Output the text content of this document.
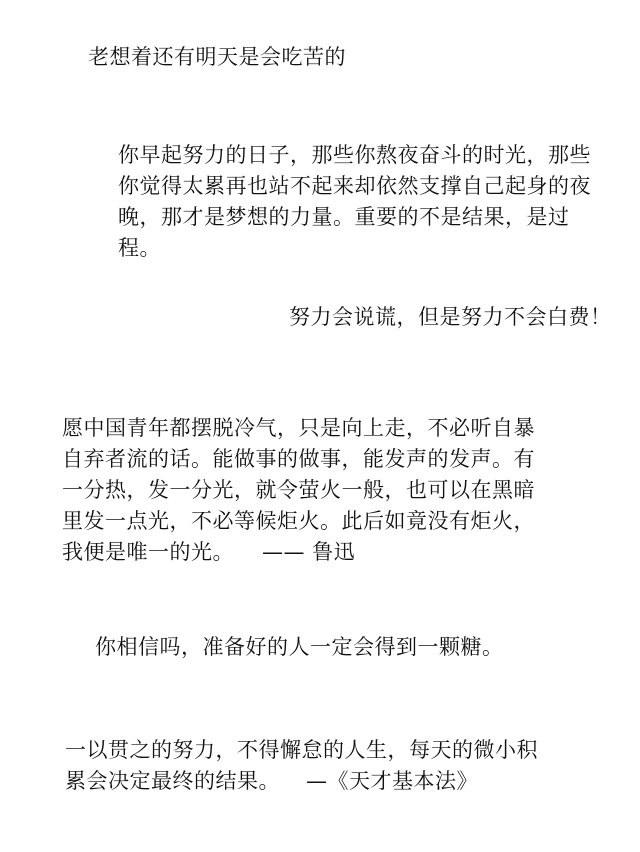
老想着还有明天是会吃苦的
你早起努力的日子，那些你熬夜奋斗的时光，那些
你觉得太累再也站不起来却依然支撑自己起身的夜
晚，那才是梦想的力量。重要的不是结果，是过
程。
努力会说谎，但是努力不会白费！
愿中国青年都摆脱冷气，只是向上走，不必听自暴
自弃者流的话。能做事的做事，能发声的发声。有
一分热，发一分光，就令萤火一般，也可以在黑暗
里发一点光，不必等候炬火。此后如竟没有炬火，
我便是唯一的光。 —— 鲁迅
你相信吗，准备好的人一定会得到一颗糖。
一以贯之的努力，不得懈怠的人生，每天的微小积
累会决定最终的结果。 —《天才基本法》
